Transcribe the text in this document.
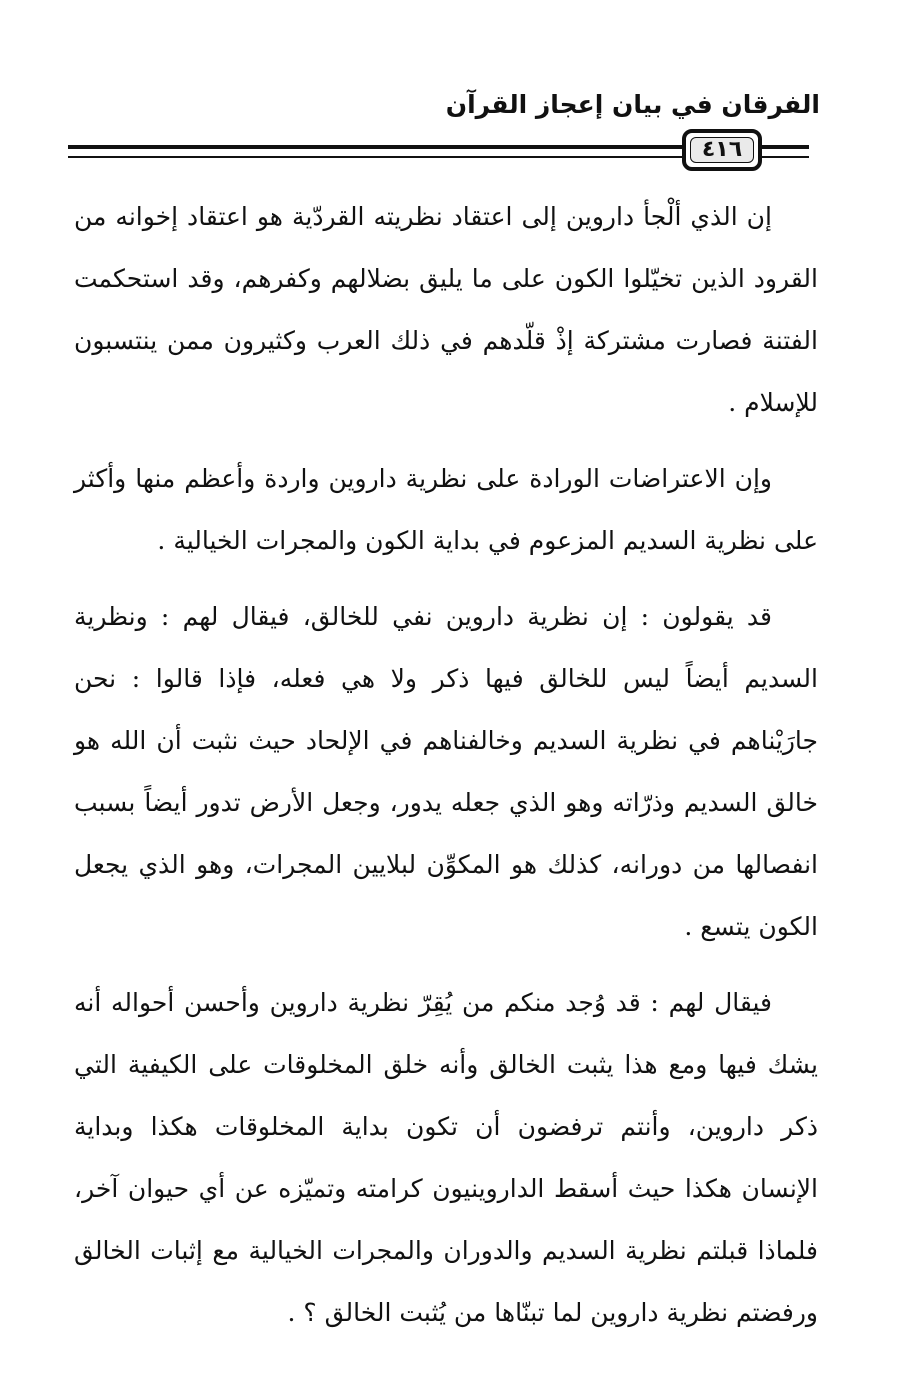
الفرقان في بيان إعجاز القرآن
٤١٦

إن الذي ألْجأ داروين إلى اعتقاد نظريته القردّية هو اعتقاد إخوانه من القرود الذين تخيّلوا الكون على ما يليق بضلالهم وكفرهم، وقد استحكمت الفتنة فصارت مشتركة إذْ قلّدهم في ذلك العرب وكثيرون ممن ينتسبون للإسلام .

وإن الاعتراضات الورادة على نظرية داروين واردة وأعظم منها وأكثر على نظرية السديم المزعوم في بداية الكون والمجرات الخيالية .

قد يقولون : إن نظرية داروين نفي للخالق، فيقال لهم : ونظرية السديم أيضاً ليس للخالق فيها ذكر ولا هي فعله، فإذا قالوا : نحن جارَيْناهم في نظرية السديم وخالفناهم في الإلحاد حيث نثبت أن الله هو خالق السديم وذرّاته وهو الذي جعله يدور، وجعل الأرض تدور أيضاً بسبب انفصالها من دورانه، كذلك هو المكوِّن لبلايين المجرات، وهو الذي يجعل الكون يتسع .

فيقال لهم : قد وُجد منكم من يُقِرّ نظرية داروين وأحسن أحواله أنه يشك فيها ومع هذا يثبت الخالق وأنه خلق المخلوقات على الكيفية التي ذكر داروين، وأنتم ترفضون أن تكون بداية المخلوقات هكذا وبداية الإنسان هكذا حيث أسقط الداروينيون كرامته وتميّزه عن أي حيوان آخر، فلماذا قبلتم نظرية السديم والدوران والمجرات الخيالية مع إثبات الخالق ورفضتم نظرية داروين لما تبنّاها من يُثبت الخالق ؟ .
